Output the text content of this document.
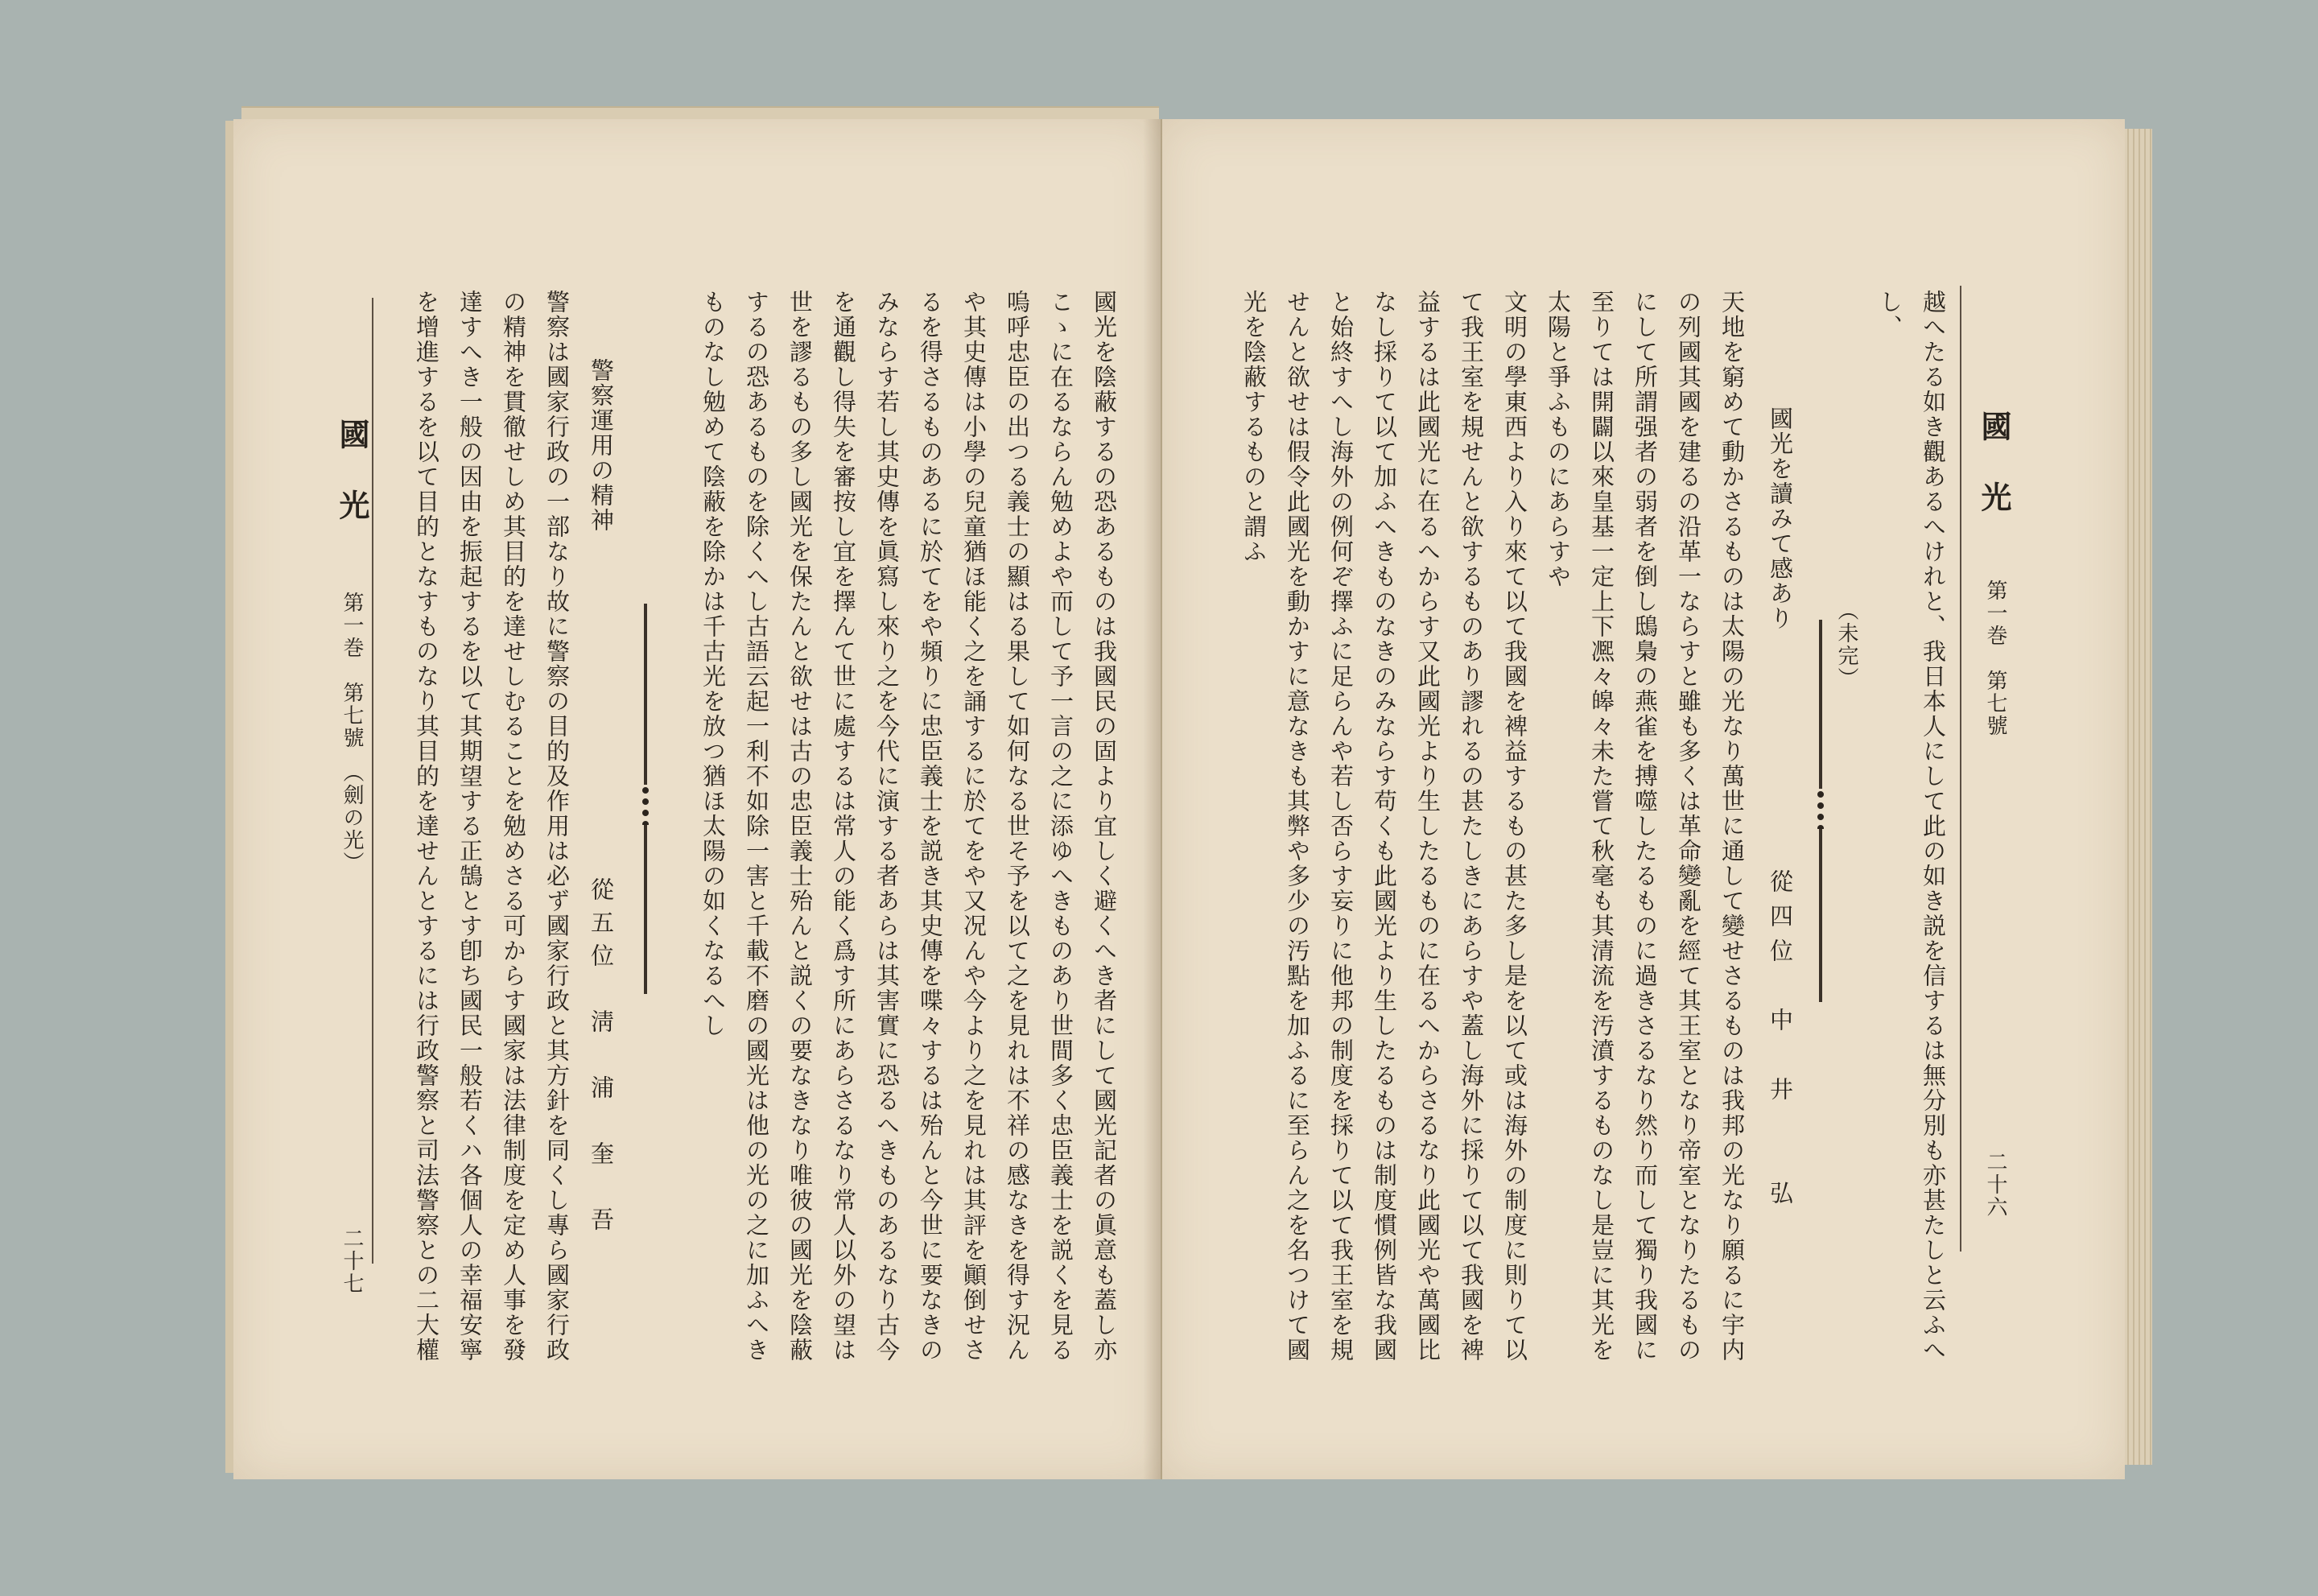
國　光
第一巻　第七號　（劍の光）
二十七	國光を陰蔽するの恐あるものは我國民の固より宜しく避くへき者にして國光記者の眞意も蓋し亦
こゝに在るならん勉めよや而して予一言の之に添ゆへきものあり世間多く忠臣義士を説くを見る
嗚呼忠臣の出つる義士の顯はる果して如何なる世そ予を以て之を見れは不祥の感なきを得す況ん
や其史傳は小學の兒童猶ほ能く之を誦するに於てをや又况んや今より之を見れは其評を顚倒せさ
るを得さるものあるに於てをや頻りに忠臣義士を説き其史傳を喋々するは殆んと今世に要なきの
みならす若し其史傳を眞寫し來り之を今代に演する者あらは其害實に恐るへきものあるなり古今
を通觀し得失を審按し宜を擇んて世に處するは常人の能く爲す所にあらさるなり常人以外の望は
世を謬るもの多し國光を保たんと欲せは古の忠臣義士殆んと説くの要なきなり唯彼の國光を陰蔽
するの恐あるものを除くへし古語云起一利不如除一害と千載不磨の國光は他の光の之に加ふへき
ものなし勉めて陰蔽を除かは千古光を放つ猶ほ太陽の如くなるへし
警察運用の精神
從五位　淸　浦　奎　吾
警察は國家行政の一部なり故に警察の目的及作用は必ず國家行政と其方針を同くし專ら國家行政
の精神を貫徹せしめ其目的を達せしむることを勉めさる可からす國家は法律制度を定め人事を發
達すへき一般の因由を振起するを以て其期望する正鵠とす卽ち國民一般若くハ各個人の幸福安寧
を增進するを以て目的となすものなり其目的を達せんとするには行政警察と司法警察との二大權	國　光
第一巻　第七號
二十六
越へたる如き觀あるへけれと、我日本人にして此の如き説を信するは無分別も亦甚たしと云ふへ
し、
（未完）
國光を讀みて感あり
從四位　中　井　　弘
天地を窮めて動かさるものは太陽の光なり萬世に通して變せさるものは我邦の光なり願るに宇内
の列國其國を建るの沿革一ならすと雖も多くは革命變亂を經て其王室となり帝室となりたるもの
にして所謂强者の弱者を倒し鴟梟の燕雀を搏噬したるものに過きさるなり然り而して獨り我國に
至りては開闢以來皇基一定上下凞々皞々未た嘗て秋毫も其清流を汚濆するものなし是豈に其光を
太陽と爭ふものにあらすや
文明の學東西より入り來て以て我國を裨益するもの甚た多し是を以て或は海外の制度に則りて以
て我王室を規せんと欲するものあり謬れるの甚たしきにあらすや蓋し海外に採りて以て我國を裨
益するは此國光に在るへからす又此國光より生したるものに在るへからさるなり此國光や萬國比
なし採りて以て加ふへきものなきのみならす苟くも此國光より生したるものは制度慣例皆な我國
と始終すへし海外の例何ぞ擇ふに足らんや若し否らす妄りに他邦の制度を採りて以て我王室を規
せんと欲せは假令此國光を動かすに意なきも其弊や多少の汚點を加ふるに至らん之を名つけて國
光を陰蔽するものと謂ふ
